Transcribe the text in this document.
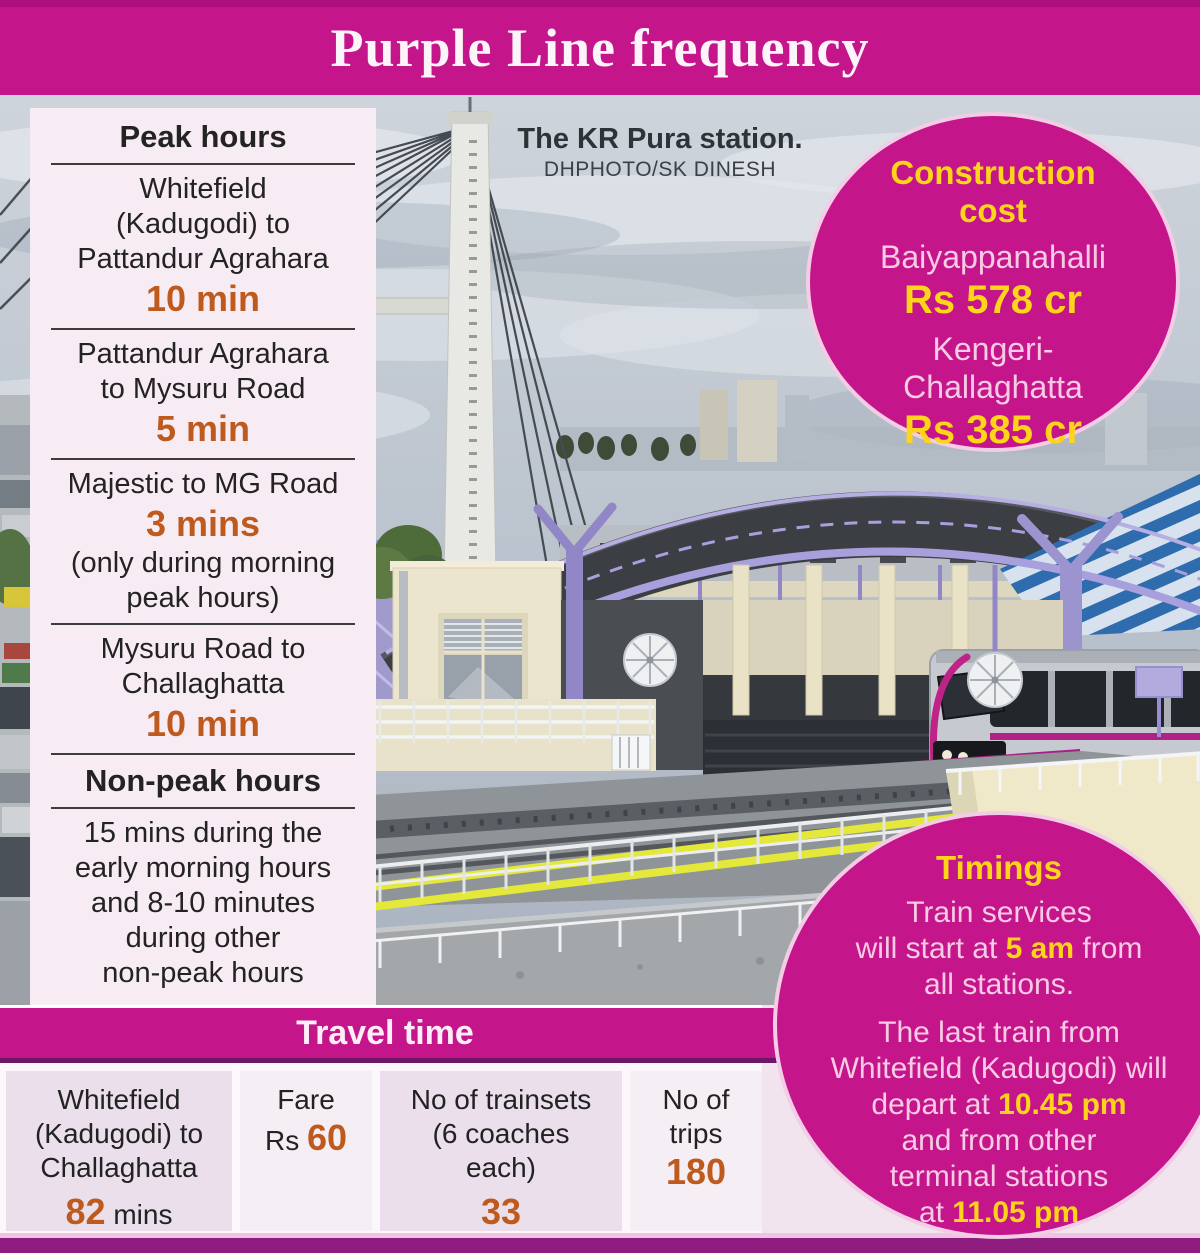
Purple Line frequency
The KR Pura station.
DHPHOTO/SK DINESH
Peak hours
Whitefield
(Kadugodi) to
Pattandur Agrahara
10 min
Pattandur Agrahara
to Mysuru Road
5 min
Majestic to MG Road
3 mins
(only during morning
peak hours)
Mysuru Road to
Challaghatta
10 min
Non-peak hours
15 mins during the
early morning hours
and 8-10 minutes
during other
non-peak hours
Construction
cost
Baiyappanahalli
Rs 578 cr
Kengeri-
Challaghatta
Rs 385 cr
Timings
Train services
will start at 5 am from
all stations.
The last train from
Whitefield (Kadugodi) will
depart at 10.45 pm
and from other
terminal stations
at 11.05 pm
Travel time
Whitefield
(Kadugodi) to
Challaghatta
82 mins
Fare
Rs 60
No of trainsets
(6 coaches
each)
33
No of
trips
180
